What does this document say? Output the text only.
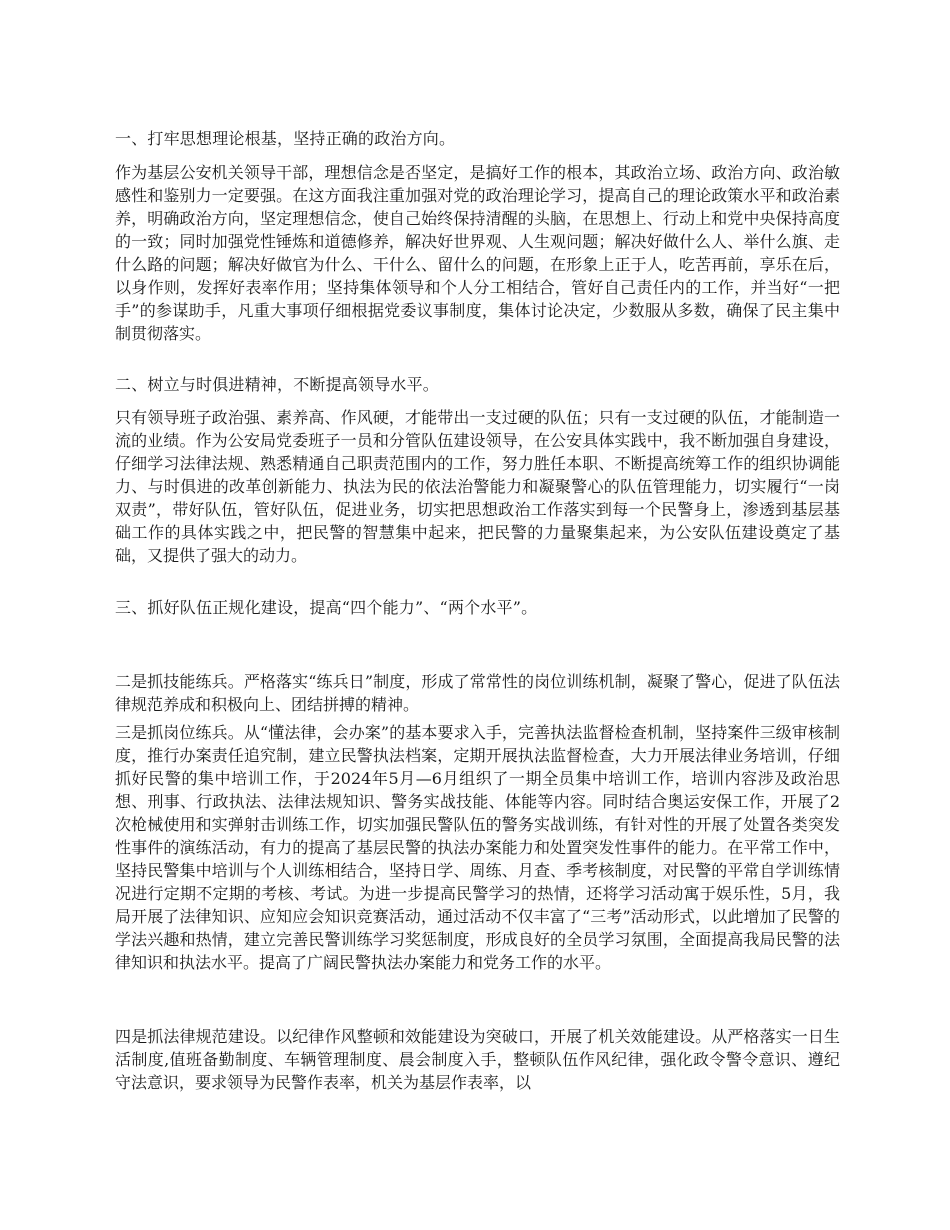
一、打牢思想理论根基，坚持正确的政治方向。

作为基层公安机关领导干部，理想信念是否坚定，是搞好工作的根本，其政治立场、政治方向、政治敏感性和鉴别力一定要强。在这方面我注重加强对党的政治理论学习，提高自己的理论政策水平和政治素养，明确政治方向，坚定理想信念，使自己始终保持清醒的头脑，在思想上、行动上和党中央保持高度的一致；同时加强党性锤炼和道德修养，解决好世界观、人生观问题；解决好做什么人、举什么旗、走什么路的问题；解决好做官为什么、干什么、留什么的问题，在形象上正于人，吃苦再前，享乐在后，以身作则，发挥好表率作用；坚持集体领导和个人分工相结合，管好自己责任内的工作，并当好“一把手”的参谋助手，凡重大事项仔细根据党委议事制度，集体讨论决定，少数服从多数，确保了民主集中制贯彻落实。

二、树立与时俱进精神，不断提高领导水平。

只有领导班子政治强、素养高、作风硬，才能带出一支过硬的队伍；只有一支过硬的队伍，才能制造一流的业绩。作为公安局党委班子一员和分管队伍建设领导，在公安具体实践中，我不断加强自身建设，仔细学习法律法规、熟悉精通自己职责范围内的工作，努力胜任本职、不断提高统筹工作的组织协调能力、与时俱进的改革创新能力、执法为民的依法治警能力和凝聚警心的队伍管理能力，切实履行“一岗双责”，带好队伍，管好队伍，促进业务，切实把思想政治工作落实到每一个民警身上，渗透到基层基础工作的具体实践之中，把民警的智慧集中起来，把民警的力量聚集起来，为公安队伍建设奠定了基础，又提供了强大的动力。

三、抓好队伍正规化建设，提高“四个能力”、“两个水平”。

二是抓技能练兵。严格落实“练兵日”制度，形成了常常性的岗位训练机制，凝聚了警心，促进了队伍法律规范养成和积极向上、团结拼搏的精神。

三是抓岗位练兵。从“懂法律，会办案”的基本要求入手，完善执法监督检查机制，坚持案件三级审核制度，推行办案责任追究制，建立民警执法档案，定期开展执法监督检查，大力开展法律业务培训，仔细抓好民警的集中培训工作，于2024年5月—6月组织了一期全员集中培训工作，培训内容涉及政治思想、刑事、行政执法、法律法规知识、警务实战技能、体能等内容。同时结合奥运安保工作，开展了2次枪械使用和实弹射击训练工作，切实加强民警队伍的警务实战训练，有针对性的开展了处置各类突发性事件的演练活动，有力的提高了基层民警的执法办案能力和处置突发性事件的能力。在平常工作中，坚持民警集中培训与个人训练相结合，坚持日学、周练、月查、季考核制度，对民警的平常自学训练情况进行定期不定期的考核、考试。为进一步提高民警学习的热情，还将学习活动寓于娱乐性，5月，我局开展了法律知识、应知应会知识竞赛活动，通过活动不仅丰富了“三考”活动形式，以此增加了民警的学法兴趣和热情，建立完善民警训练学习奖惩制度，形成良好的全员学习氛围，全面提高我局民警的法律知识和执法水平。提高了广阔民警执法办案能力和党务工作的水平。

四是抓法律规范建设。以纪律作风整顿和效能建设为突破口，开展了机关效能建设。从严格落实一日生活制度,值班备勤制度、车辆管理制度、晨会制度入手，整顿队伍作风纪律，强化政令警令意识、遵纪守法意识，要求领导为民警作表率，机关为基层作表率，以
